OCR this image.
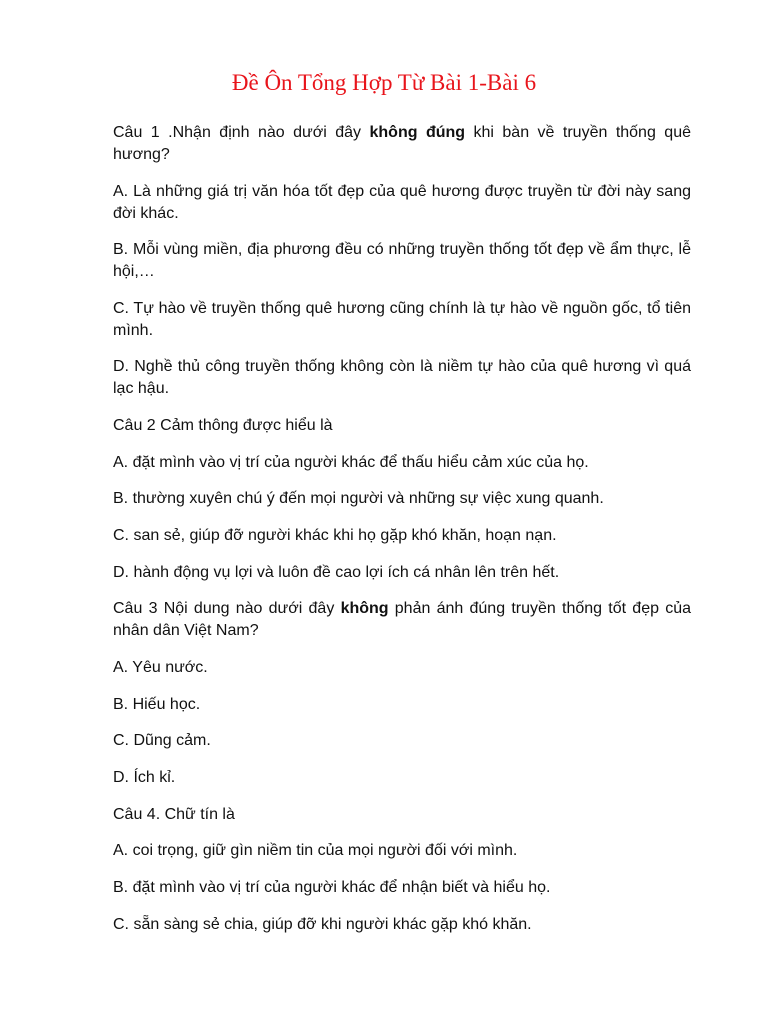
Đề Ôn Tổng Hợp Từ Bài 1-Bài 6

Câu 1 .Nhận định nào dưới đây không đúng khi bàn về truyền thống quê hương?

A. Là những giá trị văn hóa tốt đẹp của quê hương được truyền từ đời này sang đời khác.

B. Mỗi vùng miền, địa phương đều có những truyền thống tốt đẹp về ẩm thực, lễ hội,…

C. Tự hào về truyền thống quê hương cũng chính là tự hào về nguồn gốc, tổ tiên mình.

D. Nghề thủ công truyền thống không còn là niềm tự hào của quê hương vì quá lạc hậu.

Câu 2 Cảm thông được hiểu là

A. đặt mình vào vị trí của người khác để thấu hiểu cảm xúc của họ.

B. thường xuyên chú ý đến mọi người và những sự việc xung quanh.

C. san sẻ, giúp đỡ người khác khi họ gặp khó khăn, hoạn nạn.

D. hành động vụ lợi và luôn đề cao lợi ích cá nhân lên trên hết.

Câu 3 Nội dung nào dưới đây không phản ánh đúng truyền thống tốt đẹp của nhân dân Việt Nam?

A. Yêu nước.

B. Hiếu học.

C. Dũng cảm.

D. Ích kỉ.

Câu 4. Chữ tín là

A. coi trọng, giữ gìn niềm tin của mọi người đối với mình.

B. đặt mình vào vị trí của người khác để nhận biết và hiểu họ.

C. sẵn sàng sẻ chia, giúp đỡ khi người khác gặp khó khăn.
